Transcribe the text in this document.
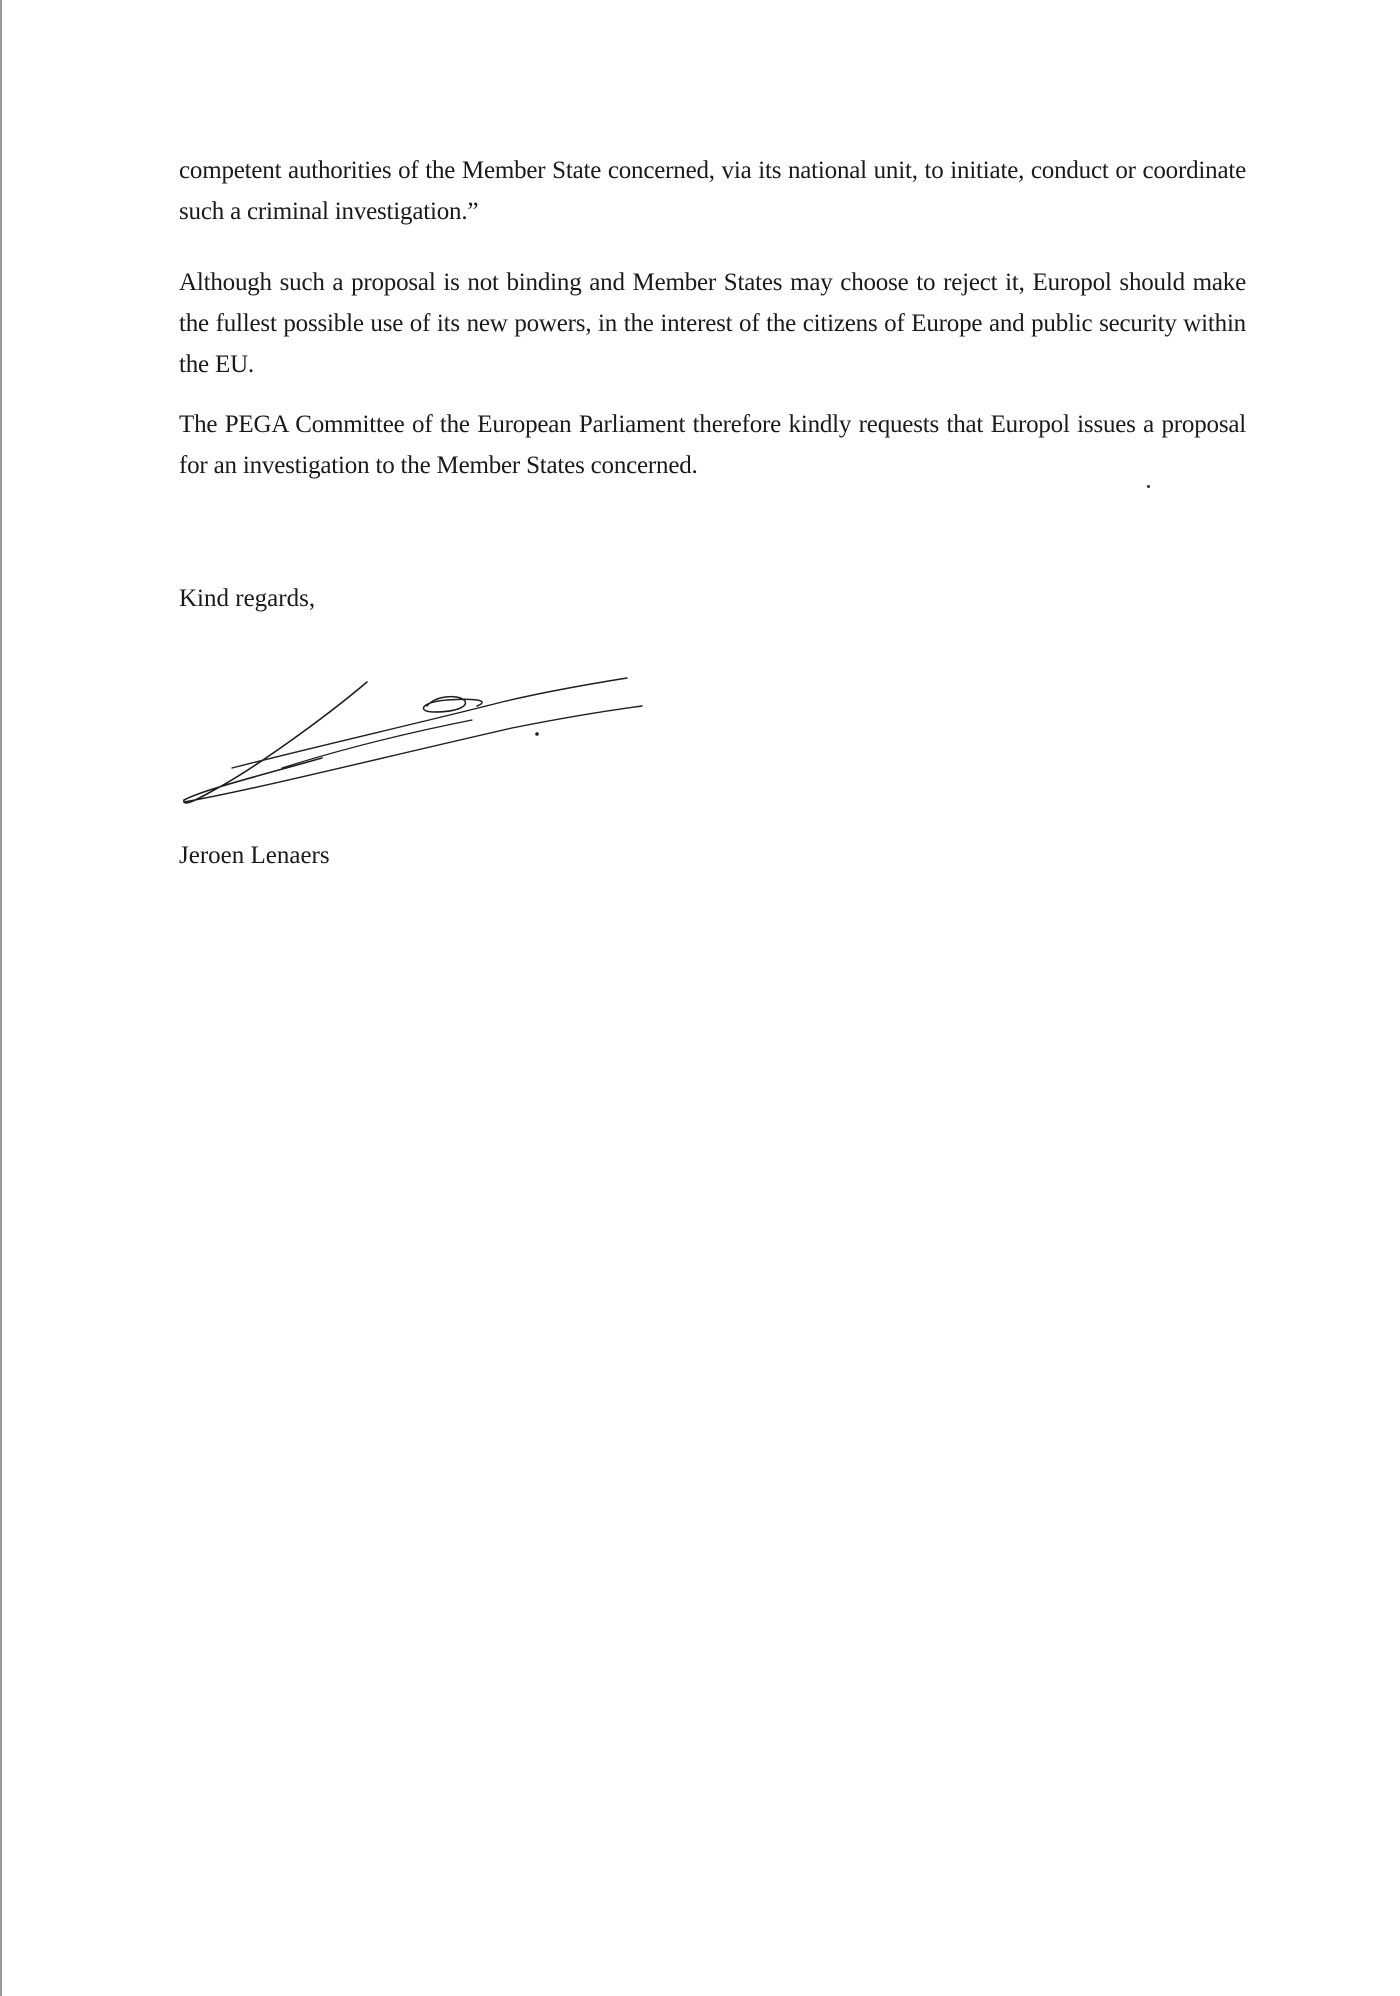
competent authorities of the Member State concerned, via its national unit, to initiate, conduct or coordinate such a criminal investigation.”

Although such a proposal is not binding and Member States may choose to reject it, Europol should make the fullest possible use of its new powers, in the interest of the citizens of Europe and public security within the EU.

The PEGA Committee of the European Parliament therefore kindly requests that Europol issues a proposal for an investigation to the Member States concerned.

Kind regards,

Jeroen Lenaers
